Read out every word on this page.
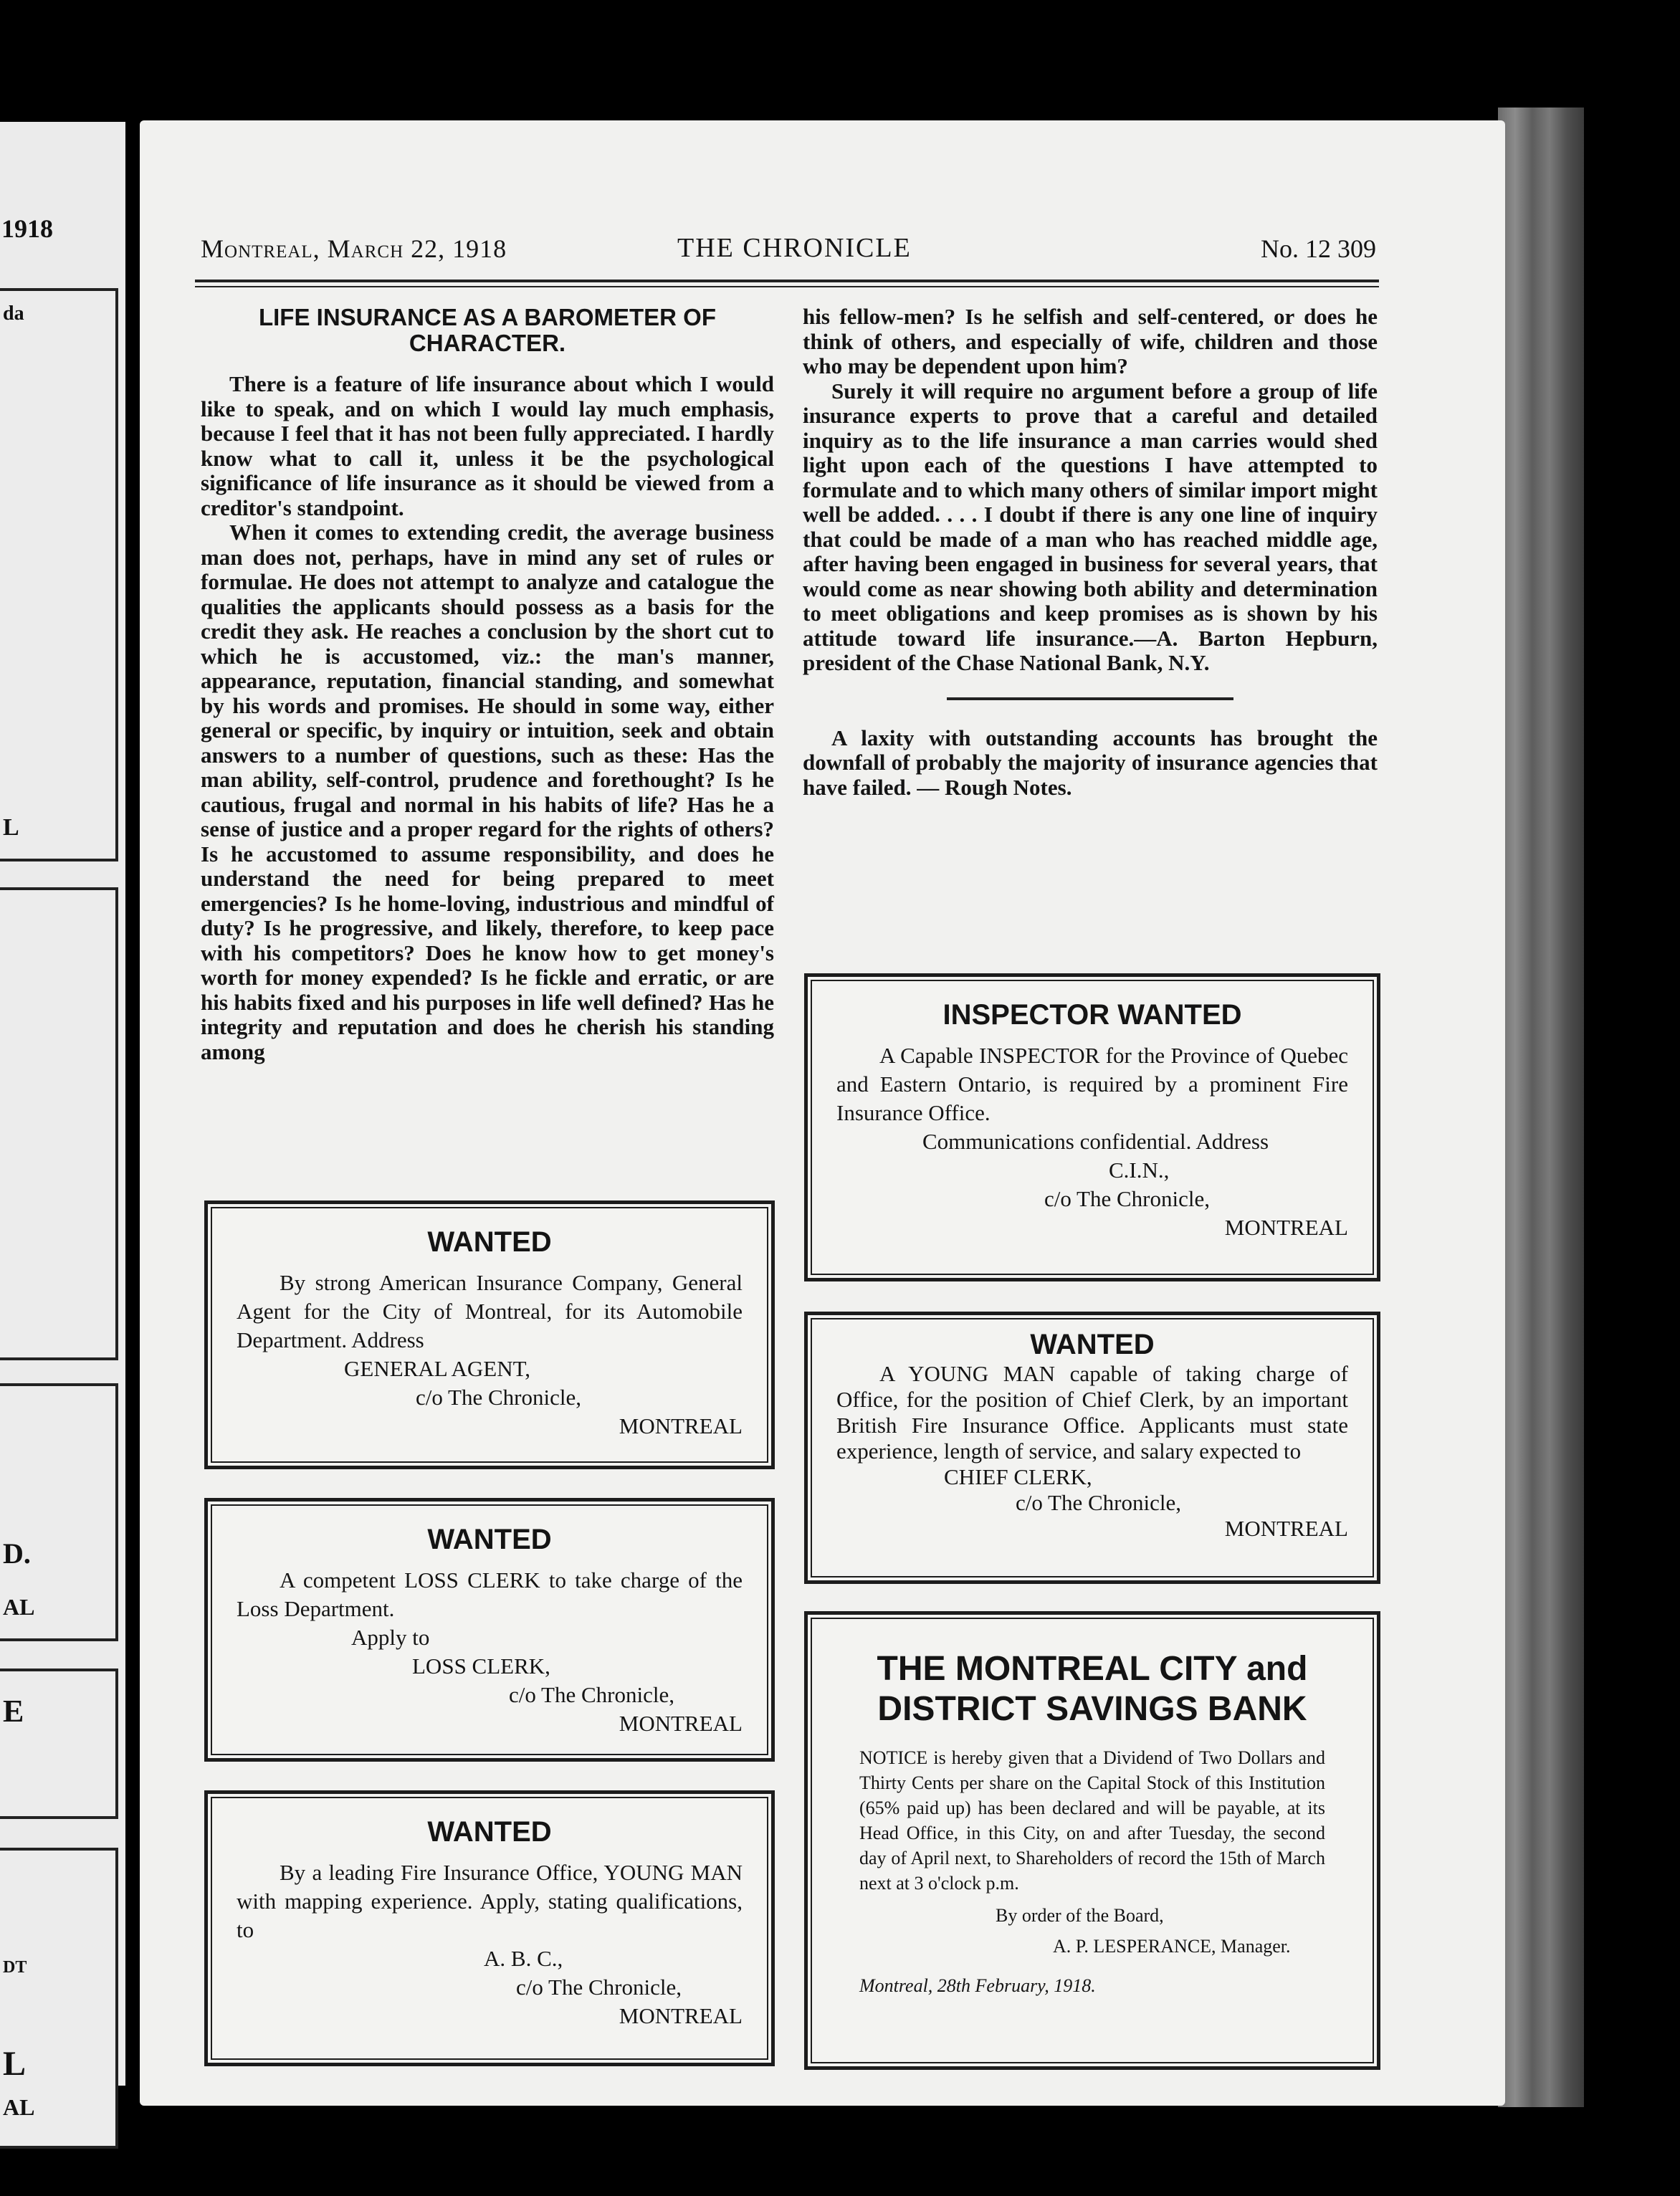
1918
da
L
D.
AL
E
DT
L
AL
Montreal, March 22, 1918	THE CHRONICLE	No. 12 309
LIFE INSURANCE AS A BAROMETER OF CHARACTER.

There is a feature of life insurance about which I would like to speak, and on which I would lay much emphasis, because I feel that it has not been fully appreciated. I hardly know what to call it, unless it be the psychological significance of life insurance as it should be viewed from a creditor's standpoint.

When it comes to extending credit, the average business man does not, perhaps, have in mind any set of rules or formulae. He does not attempt to analyze and catalogue the qualities the applicants should possess as a basis for the credit they ask. He reaches a conclusion by the short cut to which he is accustomed, viz.: the man's manner, appearance, reputation, financial standing, and somewhat by his words and promises. He should in some way, either general or specific, by inquiry or intuition, seek and obtain answers to a number of questions, such as these: Has the man ability, self-control, prudence and forethought? Is he cautious, frugal and normal in his habits of life? Has he a sense of justice and a proper regard for the rights of others? Is he accustomed to assume responsibility, and does he understand the need for being prepared to meet emergencies? Is he home-loving, industrious and mindful of duty? Is he progressive, and likely, therefore, to keep pace with his competitors? Does he know how to get money's worth for money expended? Is he fickle and erratic, or are his habits fixed and his purposes in life well defined? Has he integrity and reputation and does he cherish his standing among

his fellow-men? Is he selfish and self-centered, or does he think of others, and especially of wife, children and those who may be dependent upon him?

Surely it will require no argument before a group of life insurance experts to prove that a careful and detailed inquiry as to the life insurance a man carries would shed light upon each of the questions I have attempted to formulate and to which many others of similar import might well be added. . . . I doubt if there is any one line of inquiry that could be made of a man who has reached middle age, after having been engaged in business for several years, that would come as near showing both ability and determination to meet obligations and keep promises as is shown by his attitude toward life insurance.—A. Barton Hepburn, president of the Chase National Bank, N.Y.

A laxity with outstanding accounts has brought the downfall of probably the majority of insurance agencies that have failed. — Rough Notes.

WANTED
By strong American Insurance Company, General Agent for the City of Montreal, for its Automobile Department. Address
GENERAL AGENT,
c/o The Chronicle,
MONTREAL
WANTED
A competent LOSS CLERK to take charge of the Loss Department.
Apply to
LOSS CLERK,
c/o The Chronicle,
MONTREAL
WANTED
By a leading Fire Insurance Office, YOUNG MAN with mapping experience. Apply, stating qualifications, to
A. B. C.,
c/o The Chronicle,
MONTREAL
INSPECTOR WANTED
A Capable INSPECTOR for the Province of Quebec and Eastern Ontario, is required by a prominent Fire Insurance Office.
Communications confidential. Address
C.I.N.,
c/o The Chronicle,
MONTREAL
WANTED
A YOUNG MAN capable of taking charge of Office, for the position of Chief Clerk, by an important British Fire Insurance Office. Applicants must state experience, length of service, and salary expected to
CHIEF CLERK,
c/o The Chronicle,
MONTREAL
THE MONTREAL CITY and
DISTRICT SAVINGS BANK
NOTICE is hereby given that a Dividend of Two Dollars and Thirty Cents per share on the Capital Stock of this Institution (65% paid up) has been declared and will be payable, at its Head Office, in this City, on and after Tuesday, the second day of April next, to Shareholders of record the 15th of March next at 3 o'clock p.m.
By order of the Board,
A. P. LESPERANCE, Manager.
Montreal, 28th February, 1918.
